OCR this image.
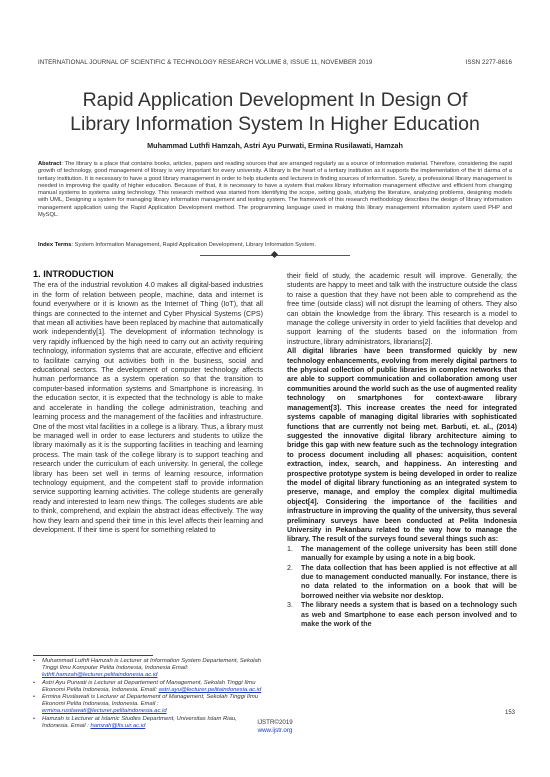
INTERNATIONAL JOURNAL OF SCIENTIFIC & TECHNOLOGY RESEARCH VOLUME 8, ISSUE 11, NOVEMBER 2019	ISSN 2277-8616
Rapid Application Development In Design Of
Library Information System In Higher Education
Muhammad Luthfi Hamzah, Astri Ayu Purwati, Ermina Rusilawati, Hamzah
Abstract: The library is a place that contains books, articles, papers and reading sources that are arranged regularly as a source of information material. Therefore, considering the rapid growth of technology, good management of library is very important for every university. A library is the heart of a tertiary institution as it supports the implementation of the tri darma of a tertiary institution. It is necessary to have a good library management in order to help students and lecturers in finding sources of information. Surely, a professional library management is needed in improving the quality of higher education. Because of that, it is necessary to have a system that makes library information management effective and efficient from changing manual systems to systems using technology. This research method was started from identifying the scope, setting goals, studying the literature, analyzing problems, designing models with UML, Designing a system for managing library information management and testing system. The framework of this research methodology describes the design of library information management application using the Rapid Application Development method. The programming language used in making this library management information system used PHP and MySQL.
Index Terms: System Information Management, Rapid Application Development, Library Information System.
1. INTRODUCTION

The era of the industrial revolution 4.0 makes all digital-based industries in the form of relation between people, machine, data and internet is found everywhere or it is known as the Internet of Thing (IoT), that all things are connected to the internet and Cyber Physical Systems (CPS) that mean all activities have been replaced by machine that automatically work independently[1]. The development of information technology is very rapidly influenced by the high need to carry out an activity requiring technology, information systems that are accurate, effective and efficient to facilitate carrying out activities both in the business, social and educational sectors. The development of computer technology affects human performance as a system operation so that the transition to computer-based information systems and Smartphone is increasing. In the education sector, it is expected that the technology is able to make and accelerate in handling the college administration, teaching and learning process and the management of the facilities and infrastructure. One of the most vital facilities in a college is a library. Thus, a library must be managed well in order to ease lecturers and students to utilize the library maximally as it is the supporting facilities in teaching and learning process. The main task of the college library is to support teaching and research under the curriculum of each university. In general, the college library has been set well in terms of learning resource, information technology equipment, and the competent staff to provide information service supporting learning activities. The college students are generally ready and interested to learn new things. The colleges students are able to think, comprehend, and explain the abstract ideas effectively. The way how they learn and spend their time in this level affects their learning and development. If their time is spent for something related to

their field of study, the academic result will improve. Generally, the students are happy to meet and talk with the instructure outside the class to raise a question that they have not been able to comprehend as the free time (outside class) will not disrupt the learning of others. They also can obtain the knowledge from the library. This research is a model to manage the college university in order to yield facilities that develop and support learning of the students based on the information from instructure, library administrators, librarians[2].

All digital libraries have been transformed quickly by new technology enhancements, evolving from merely digital partners to the physical collection of public libraries in complex networks that are able to support communication and collaboration among user communities around the world such as the use of augmented reality technology on smartphones for context-aware library management[3]. This increase creates the need for integrated systems capable of managing digital libraries with sophisticated functions that are currently not being met. Barbuti, et. al., (2014) suggested the innovative digital library architecture aiming to bridge this gap with new feature such as the technology integration to process document including all phases: acquisition, content extraction, index, search, and happiness. An interesting and prospective prototype system is being developed in order to realize the model of digital library functioning as an integrated system to preserve, manage, and employ the complex digital multimedia object[4]. Considering the importance of the facilities and infrastructure in improving the quality of the university, thus several preliminary surveys have been conducted at Pelita Indonesia University in Pekanbaru related to the way how to manage the library. The result of the surveys found several things such as:

1.	The management of the college university has been still done manually for example by using a note in a big book.
2.	The data collection that has been applied is not effective at all due to management conducted manually. For instance, there is no data related to the information on a book that will be borrowed neither via website nor desktop.
3.	The library needs a system that is based on a technology such as web and Smartphone to ease each person involved and to make the work of the

•	Muhammad Luthfi Hamzah is Lecturer at Information System Departement, Sekolah Tinggi Ilmu Komputer Pelita Indonesia, Indonesia Email: luthfi.hamzah@lecturer.pelitaindonesia.ac.id

•	Astri Ayu Purwati is Lecturer at Departement of Management, Sekolah Tinggi Ilmu Ekonomi Pelita Indonesia, Indonesia. Email: astri.ayu@lecturer.pelitaindonesia.ac.id

•	Ermina Rusilawati is Lecturer at Departement of Management, Sekolah Tinggi Ilmu Ekonomi Pelita Indonesia, Indonesia. Email : ermina.rusilawati@lecturer.pelitaindonesia.ac.id

•	Hamzah is Lecturer at Islamic Studies Department, Universitas Islam Riau, Indonesia. Email : hamzah@fis.uir.ac.id

153
IJSTR©2019
www.ijstr.org
